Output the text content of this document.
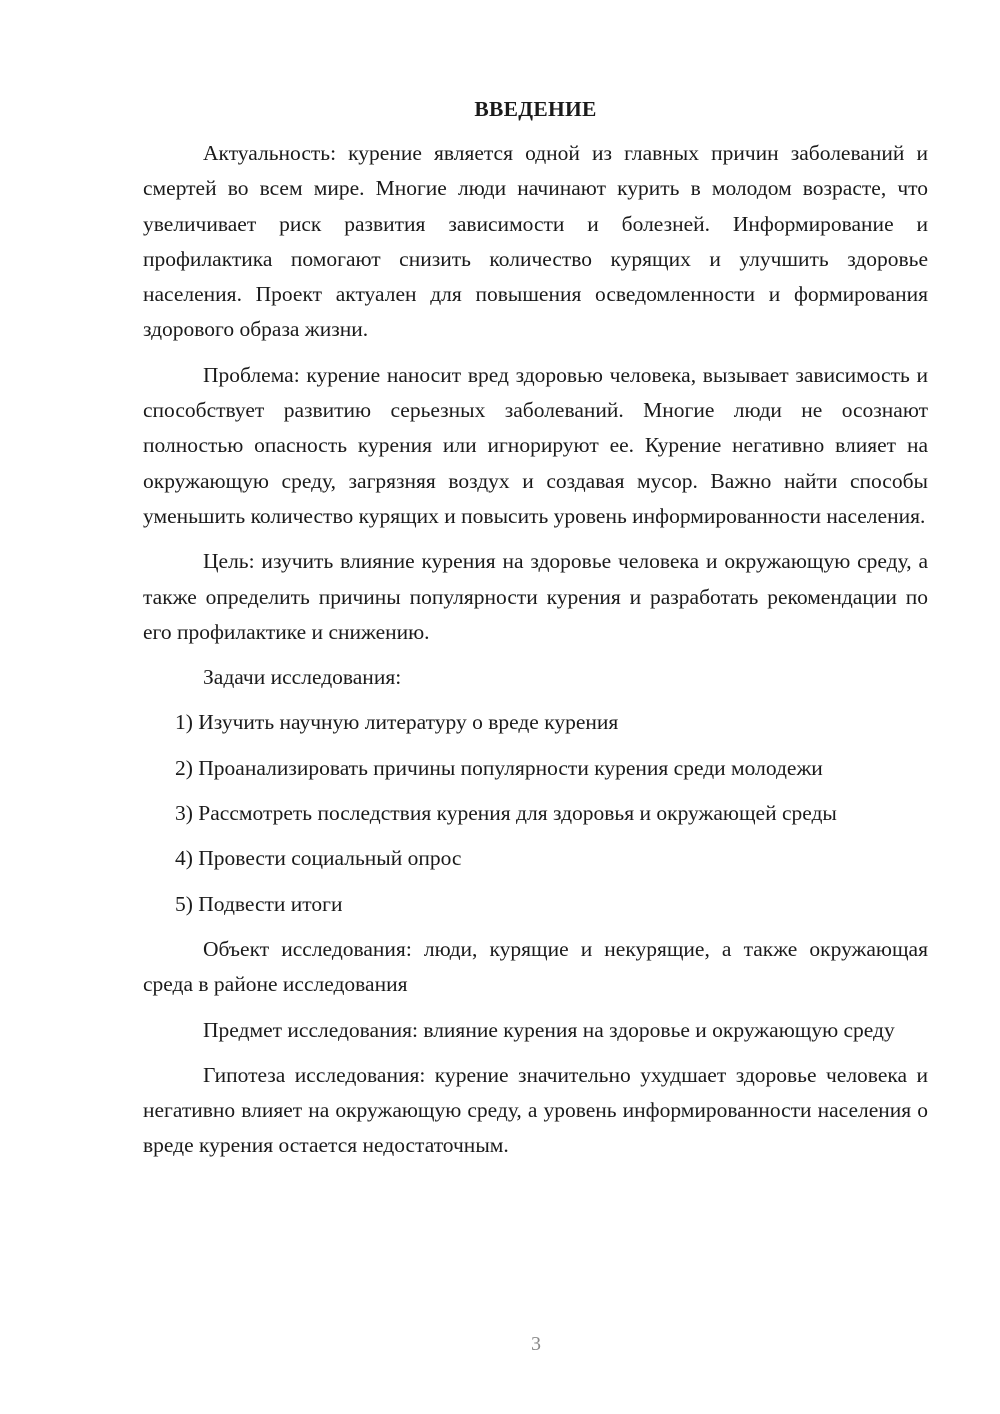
ВВЕДЕНИЕ

Актуальность: курение является одной из главных причин заболеваний и смертей во всем мире. Многие люди начинают курить в молодом возрасте, что увеличивает риск развития зависимости и болезней. Информирование и профилактика помогают снизить количество курящих и улучшить здоровье населения. Проект актуален для повышения осведомленности и формирования здорового образа жизни.

Проблема: курение наносит вред здоровью человека, вызывает зависимость и способствует развитию серьезных заболеваний. Многие люди не осознают полностью опасность курения или игнорируют ее. Курение негативно влияет на окружающую среду, загрязняя воздух и создавая мусор. Важно найти способы уменьшить количество курящих и повысить уровень информированности населения.

Цель: изучить влияние курения на здоровье человека и окружающую среду, а также определить причины популярности курения и разработать рекомендации по его профилактике и снижению.

Задачи исследования:

1) Изучить научную литературу о вреде курения

2) Проанализировать причины популярности курения среди молодежи

3) Рассмотреть последствия курения для здоровья и окружающей среды

4) Провести социальный опрос

5) Подвести итоги

Объект исследования: люди, курящие и некурящие, а также окружающая среда в районе исследования

Предмет исследования: влияние курения на здоровье и окружающую среду

Гипотеза исследования: курение значительно ухудшает здоровье человека и негативно влияет на окружающую среду, а уровень информированности населения о вреде курения остается недостаточным.

3
